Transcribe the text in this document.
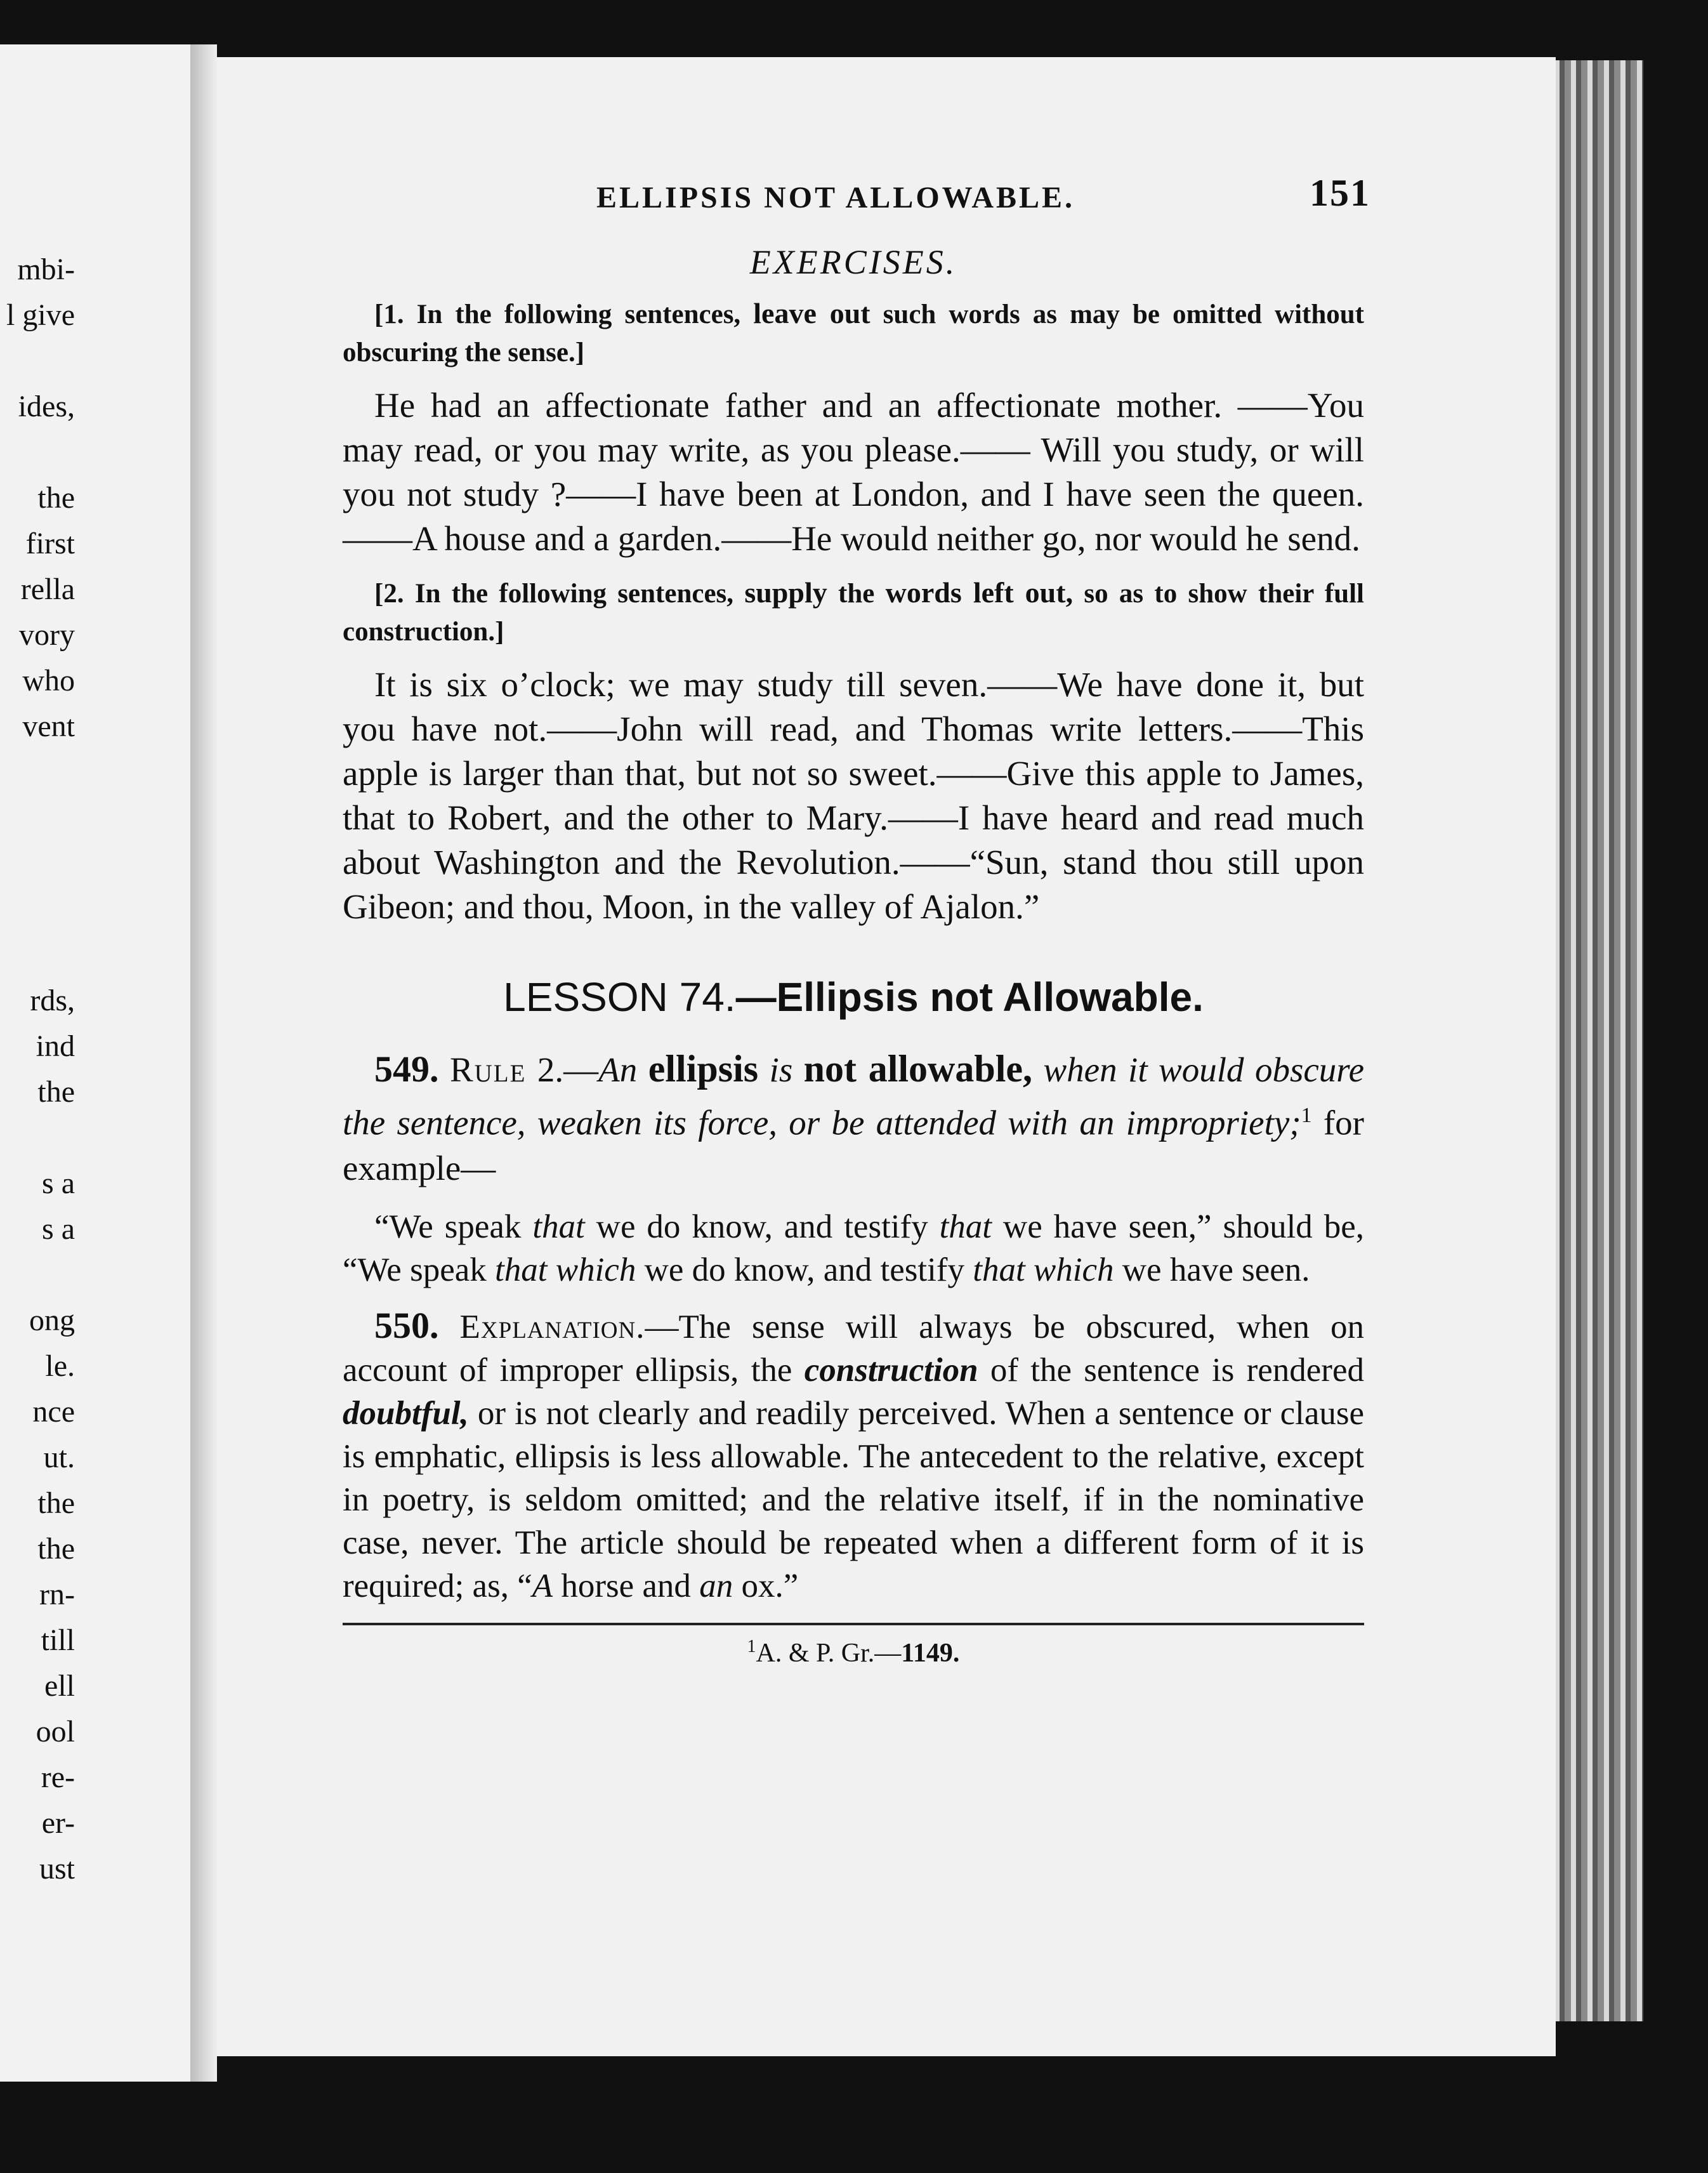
mbi-
l give
ides,
the
first
rella
vory
who
vent
rds,
ind
the
s a
s a
ong
le.
nce
ut.
the
the
rn-
till
ell
ool
re-
er-
ust
ELLIPSIS NOT ALLOWABLE.	151
EXERCISES.

[1. In the following sentences, leave out such words as may be omitted without obscuring the sense.]

He had an affectionate father and an affectionate mother. ——You may read, or you may write, as you please.—— Will you study, or will you not study ?——I have been at London, and I have seen the queen.——A house and a garden.——He would neither go, nor would he send.

[2. In the following sentences, supply the words left out, so as to show their full construction.]

It is six o’clock; we may study till seven.——We have done it, but you have not.——John will read, and Thomas write letters.——This apple is larger than that, but not so sweet.——Give this apple to James, that to Robert, and the other to Mary.——I have heard and read much about Washington and the Revolution.——“Sun, stand thou still upon Gibeon; and thou, Moon, in the valley of Ajalon.”

LESSON 74.—Ellipsis not Allowable.

549. Rule 2.—An ellipsis is not allowable, when it would obscure the sentence, weaken its force, or be attended with an impropriety;$^1$ for example—

“We speak that we do know, and testify that we have seen,” should be, “We speak that which we do know, and testify that which we have seen.

550. Explanation.—The sense will always be obscured, when on account of improper ellipsis, the construction of the sentence is rendered doubtful, or is not clearly and readily perceived. When a sentence or clause is emphatic, ellipsis is less allowable. The antecedent to the relative, except in poetry, is seldom omitted; and the relative itself, if in the nominative case, never. The article should be repeated when a different form of it is required; as, “A horse and an ox.”

$^1$A. & P. Gr.—1149.
